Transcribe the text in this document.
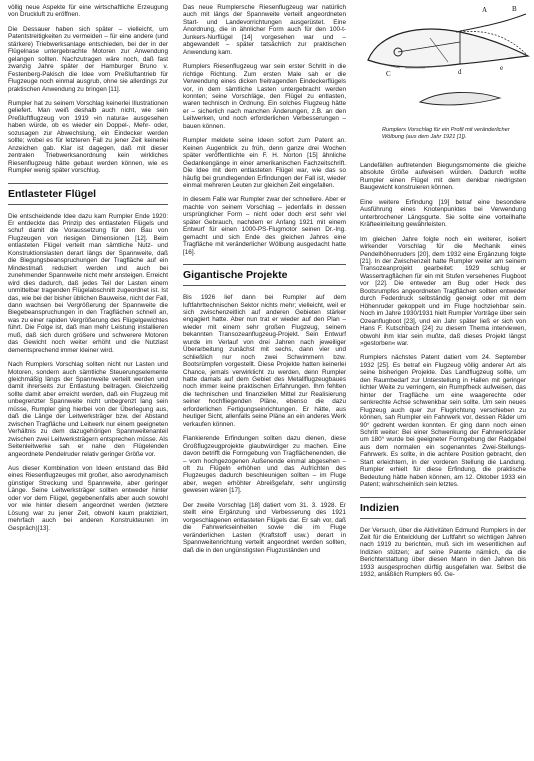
völlig neue Aspekte für eine wirtschaftliche Erzeugung von Druckluft zu eröffnen.

Die Dessauer haben sich später – vielleicht, um Patentstreitigkeiten zu vermeiden – für eine andere (und stärkere) Triebwerksanlage entschieden, bei der in der Flügelnase untergebrachte Motoren zur Anwendung gelangen sollten. Nachzutragen wäre noch, daß fast zwanzig Jahre später der Hamburger Bruno v. Festenberg-Pakisch die Idee vom Preßluftantrieb für Flugzeuge noch einmal ausgrub, ohne sie allerdings zur praktischen Anwendung zu bringen [11].

Rumpler hat zu seinem Vorschlag keinerlei Illustrationen geliefert. Man weiß deshalb auch nicht, wie sein Preßluftflugzeug von 1919 »in natura« ausgesehen haben würde, ob es wieder ein Doppel-, Mehr- oder, sozusagen zur Abwechslung, ein Eindecker werden sollte; wobei es für letzteren Fall zu jener Zeit keinerlei Anzeichen gab. Klar ist dagegen, daß mit dieser zentralen Triebwerksanordnung kein wirkliches Riesenflugzeug hätte gebaut werden können, wie es Rumpler wenig später vorschlug.

Entlasteter Flügel

Die entscheidende Idee dazu kam Rumpler Ende 1920: Er entdeckte das Prinzip des entlasteten Flügels und schuf damit die Voraussetzung für den Bau von Flugzeugen von riesigen Dimensionen [12]. Beim entlasteten Flügel verteilt man sämtliche Nutz- und Konstruktionslasten derart längs der Spannweite, daß die Biegungsbeanspruchungen der Tragfläche auf ein Mindestmaß reduziert werden und auch bei zunehmender Spannweite nicht mehr ansteigen. Erreicht wird dies dadurch, daß jedes Teil der Lasten einem unmittelbar tragenden Flügelabschnitt zugeordnet ist. Ist das, wie bei der bisher üblichen Bauweise, nicht der Fall, dann wachsen bei Vergrößerung der Spannweite die Biegebeanspruchungen in den Tragflächen schnell an, was zu einer rapiden Vergrößerung des Flügelgewichtes führt. Die Folge ist, daß man mehr Leistung installieren muß, daß sich durch größere und schwerere Motoren das Gewicht noch weiter erhöht und die Nutzlast dementsprechend immer kleiner wird.

Nach Rumplers Vorschlag sollten nicht nur Lasten und Motoren, sondern auch sämtliche Steuerungselemente gleichmäßig längs der Spannweite verteilt werden und damit ihrerseits zur Entlastung beitragen. Gleichzeitig sollte damit aber erreicht werden, daß ein Flugzeug mit unbegrenzter Spannweite nicht unbegrenzt lang sein müsse, Rumpler ging hierbei von der Überlegung aus, daß die Länge der Leitwerksträger bzw. der Abstand zwischen Tragfläche und Leitwerk nur einem geeigneten Verhältnis zu dem dazugehörigen Spannweitenanteil zwischen zwei Leitwerksträgern entsprechen müsse. Als Seitenleitwerke sah er nahe den Flügelenden angeordnete Pendelruder relativ geringer Größe vor.

Aus dieser Kombination von Ideen entstand das Bild eines Riesenflugzeuges mit großer, also aerodynamisch günstiger Streckung und Spannweite, aber geringer Länge. Seine Leitwerksträger sollten entweder hinter oder vor dem Flügel, gegebenenfalls aber auch sowohl vor wie hinter diesem angeordnet werden (letztere Lösung war zu jener Zeit, obwohl kaum praktiziert, mehrfach auch bei anderen Konstrukteuren im Gespräch)[13].

Das neue Rumplersche Riesenflugzeug war natürlich auch mit längs der Spannweite verteilt angeordneten Start- und Landevorrichtungen ausgerüstet. Eine Anordnung, die in ähnlicher Form auch für den 100-t-Junkers-Nurflügel [14] vorgesehen war und – abgewandelt – später tatsächlich zur praktischen Anwendung kam.

Rumplers Riesenflugzeug war sein erster Schritt in die richtige Richtung. Zum ersten Male sah er die Verwendung eines dicken freitragenden Eindeckerflügels vor, in dem sämtliche Lasten untergebracht werden konnten; seine Vorschläge, den Flügel zu entlasten, waren technisch in Ordnung. Ein solches Flugzeug hätte er – sicherlich nach manchen Änderungen, z.B. an den Leitwerken, und noch erforderlichen Verbesserungen – bauen können.

Rumpler meldete seine Ideen sofort zum Patent an. Keinen Augenblick zu früh, denn ganze drei Wochen später veröffentlichte ein F. H. Norton [15] ähnliche Gedankengänge in einer amerikanischen Fachzeitschrift. Die Idee mit dem entlasteten Flügel war, wie das so häufig bei grundlegenden Erfindungen der Fall ist, wieder einmal mehreren Leuten zur gleichen Zeit eingefallen.

In diesem Falle war Rumpler zwar der schnellere. Aber er machte von seinem Vorschlag – jedenfalls in dessen ursprünglicher Form – nicht oder doch erst sehr viel später Gebrauch, nachdem er Anfang 1921 mit einem Entwurf für einen 1000-PS-Flugmotor seinen Dr.-Ing. gemacht und sich Ende des gleichen Jahres eine Tragfläche mit veränderlicher Wölbung ausgedacht hatte [16].

Gigantische Projekte

Bis 1926 lief dann bei Rumpler auf dem luftfahrttechnischen Sektor nichts mehr; vielleicht, weil er sich zwischenzeitlich auf anderen Gebieten stärker engagiert hatte. Aber nun trat er wieder auf den Plan – wieder mit einem sehr großen Flugzeug, seinem bekannten Transozeanflugzeug-Projekt. Sein Entwurf wurde im Verlauf von drei Jahren nach jeweiliger Überarbeitung zunächst mit sechs, dann vier und schließlich nur noch zwei Schwimmern bzw. Bootsrümpfen vorgestellt. Diese Projekte hatten keinerlei Chance, jemals verwirklicht zu werden, denn Rumpler hatte damals auf dem Gebiet des Metallflugzeugbaues noch immer keine praktischen Erfahrungen. Ihm fehlten die technischen und finanziellen Mittel zur Realisierung seiner hochfliegenden Pläne, ebenso die dazu erforderlichen Fertigungseinrichtungen. Er hätte, aus heutiger Sicht, allenfalls seine Pläne an ein anderes Werk verkaufen können.

Flankierende Erfindungen sollten dazu dienen, diese Großflugzeugprojekte glaubwürdiger zu machen. Eine davon betrifft die Formgebung von Tragflächenenden, die – vom hochgezogenen Außenende einmal abgesehen – oft zu Flügeln erhöhen und das Aufrichten des Flugzeuges dadurch beschleunigen sollten – im Fluge aber, wegen erhöhter Abreißgefahr, sehr ungünstig gewesen wären [17].

Der zweite Vorschlag [18] datiert vom 31. 3. 1928. Er stellt eine Ergänzung und Verbesserung des 1921 vorgeschlagenen entlasteten Flügels dar. Er sah vor, daß die Fahrwerkseinheiten sowie die im Fluge veränderlichen Lasten (Kraftstoff usw.) derart in Spannweitenrichtung verteilt angeordnet werden sollten, daß die in den ungünstigsten Flugzuständen und

A	B
C	d	e
Rumplers Vorschlag für ein Profil mit veränderlicher Wölbung (aus dem Jahr 1921 [1]).

Landefällen auftretenden Biegungsmomente die gleiche absolute Größe aufweisen würden. Dadurch wollte Rumpler einen Flügel mit dem denkbar niedrigsten Baugewicht konstruieren können.

Eine weitere Erfindung [19] betraf eine besondere Ausführung eines Knotenpunktes bei Verwendung unterbrochener Längsgurte. Sie sollte eine vorteilhafte Kräfteeinleitung gewährleisten.

Im gleichen Jahre folgte noch ein weiterer, isoliert wirkender Vorschlag für die Mechanik eines Pendelhöhenruders [20], dem 1932 eine Ergänzung folgte [21]. In der Zwischenzeit hatte Rumpler weiter am seinem Transozeanprojekt gearbeitet: 1929 schlug er Wassertragflächen für ein mit Stufen versehenes Flugboot vor [22]. Die entweder am Bug oder Heck des Bootsrumpfes angeordneten Tragflächen sollten entweder durch Federdruck selbständig geneigt oder mit dem Höhenruder gekoppelt und im Fluge hochziehbar sein. Noch im Jahre 1930/1931 hielt Rumpler Vorträge über sein Ozeanflugboot [23], und ein Jahr später ließ er sich von Hans F. Kutschbach [24] zu diesem Thema interviewen, obwohl ihm klar sein mußte, daß dieses Projekt längst »gestorben« war.

Rumplers nächstes Patent datiert vom 24. September 1932 [25]. Es betraf ein Flugzeug völlig anderer Art als seine bisherigen Projekte. Das Landflugzeug sollte, um den Raumbedarf zur Unterstellung in Hallen mit geringer lichter Weite zu verringern, ein Rumpfheck aufweisen, das hinter der Tragfläche um eine waagerechte oder senkrechte Achse schwenkbar sein sollte. Um sein neues Flugzeug auch quer zur Flugrichtung verschieben zu können, sah Rumpler ein Fahrwerk vor, dessen Räder um 90° gedreht werden konnten. Er ging dann noch einen Schritt weiter: Bei einer Schwenkung der Fahrwerksräder um 180° wurde bei geeigneter Formgebung der Radgabel aus dem normalen ein sogenanntes Zwei-Stellungs-Fahrwerk. Es sollte, in die achtere Position gebracht, den Start erleichtern, in der vorderen Stellung die Landung. Rumpler erhielt für diese Erfindung, die praktische Bedeutung hätte haben können, am 12. Oktober 1933 ein Patent; wahrscheinlich sein letztes.

Indizien

Der Versuch, über die Aktivitäten Edmund Rumplers in der Zeit für die Entwicklung der Luftfahrt so wichtigen Jahren nach 1919 zu berichten, muß sich im wesentlichen auf Indizien stützen; auf seine Patente nämlich, da die Berichterstattung über diesen Mann in den Jahren bis 1933 ausgesprochen dürftig ausgefallen war. Selbst die 1932, anläßlich Rumplers 60. Ge-
